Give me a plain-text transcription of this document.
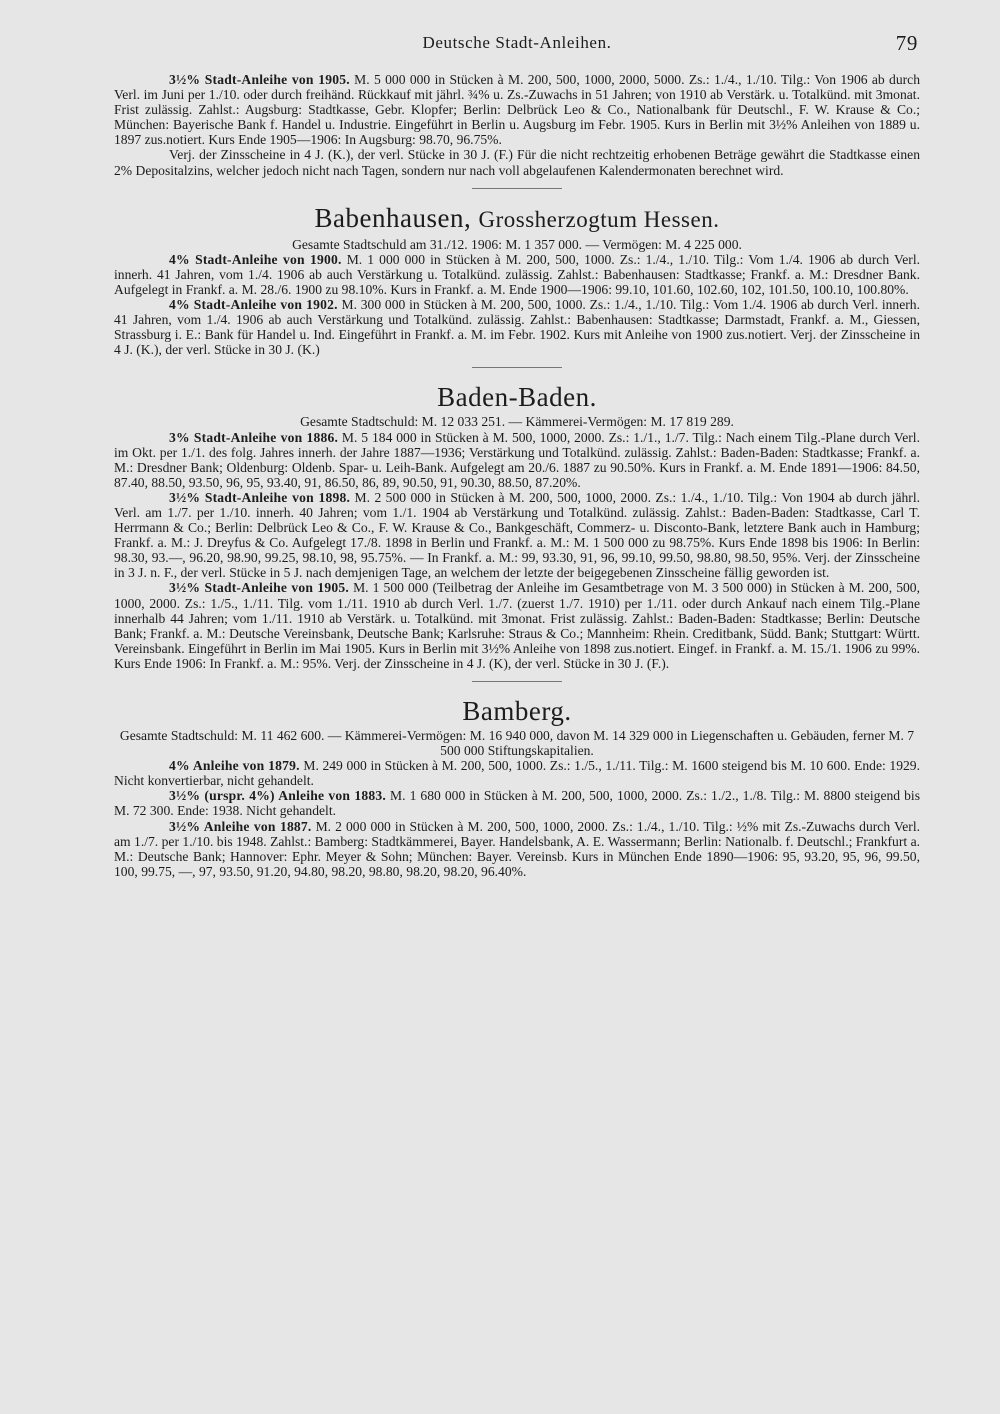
Deutsche Stadt-Anleihen.	79

3½% Stadt-Anleihe von 1905. M. 5 000 000 in Stücken à M. 200, 500, 1000, 2000, 5000. Zs.: 1./4., 1./10. Tilg.: Von 1906 ab durch Verl. im Juni per 1./10. oder durch freihänd. Rückkauf mit jährl. ¾% u. Zs.-Zuwachs in 51 Jahren; von 1910 ab Verstärk. u. Totalkünd. mit 3monat. Frist zulässig. Zahlst.: Augsburg: Stadtkasse, Gebr. Klopfer; Berlin: Delbrück Leo & Co., Nationalbank für Deutschl., F. W. Krause & Co.; München: Bayerische Bank f. Handel u. Industrie. Eingeführt in Berlin u. Augsburg im Febr. 1905. Kurs in Berlin mit 3½% Anleihen von 1889 u. 1897 zus.notiert. Kurs Ende 1905—1906: In Augsburg: 98.70, 96.75%.

Verj. der Zinsscheine in 4 J. (K.), der verl. Stücke in 30 J. (F.) Für die nicht rechtzeitig erhobenen Beträge gewährt die Stadtkasse einen 2% Depositalzins, welcher jedoch nicht nach Tagen, sondern nur nach voll abgelaufenen Kalendermonaten berechnet wird.

Babenhausen, Grossherzogtum Hessen.

Gesamte Stadtschuld am 31./12. 1906: M. 1 357 000. — Vermögen: M. 4 225 000.

4% Stadt-Anleihe von 1900. M. 1 000 000 in Stücken à M. 200, 500, 1000. Zs.: 1./4., 1./10. Tilg.: Vom 1./4. 1906 ab durch Verl. innerh. 41 Jahren, vom 1./4. 1906 ab auch Verstärkung u. Totalkünd. zulässig. Zahlst.: Babenhausen: Stadtkasse; Frankf. a. M.: Dresdner Bank. Aufgelegt in Frankf. a. M. 28./6. 1900 zu 98.10%. Kurs in Frankf. a. M. Ende 1900—1906: 99.10, 101.60, 102.60, 102, 101.50, 100.10, 100.80%.

4% Stadt-Anleihe von 1902. M. 300 000 in Stücken à M. 200, 500, 1000. Zs.: 1./4., 1./10. Tilg.: Vom 1./4. 1906 ab durch Verl. innerh. 41 Jahren, vom 1./4. 1906 ab auch Verstärkung und Totalkünd. zulässig. Zahlst.: Babenhausen: Stadtkasse; Darmstadt, Frankf. a. M., Giessen, Strassburg i. E.: Bank für Handel u. Ind. Eingeführt in Frankf. a. M. im Febr. 1902. Kurs mit Anleihe von 1900 zus.notiert. Verj. der Zinsscheine in 4 J. (K.), der verl. Stücke in 30 J. (K.)

Baden-Baden.

Gesamte Stadtschuld: M. 12 033 251. — Kämmerei-Vermögen: M. 17 819 289.

3% Stadt-Anleihe von 1886. M. 5 184 000 in Stücken à M. 500, 1000, 2000. Zs.: 1./1., 1./7. Tilg.: Nach einem Tilg.-Plane durch Verl. im Okt. per 1./1. des folg. Jahres innerh. der Jahre 1887—1936; Verstärkung und Totalkünd. zulässig. Zahlst.: Baden-Baden: Stadtkasse; Frankf. a. M.: Dresdner Bank; Oldenburg: Oldenb. Spar- u. Leih-Bank. Aufgelegt am 20./6. 1887 zu 90.50%. Kurs in Frankf. a. M. Ende 1891—1906: 84.50, 87.40, 88.50, 93.50, 96, 95, 93.40, 91, 86.50, 86, 89, 90.50, 91, 90.30, 88.50, 87.20%.

3½% Stadt-Anleihe von 1898. M. 2 500 000 in Stücken à M. 200, 500, 1000, 2000. Zs.: 1./4., 1./10. Tilg.: Von 1904 ab durch jährl. Verl. am 1./7. per 1./10. innerh. 40 Jahren; vom 1./1. 1904 ab Verstärkung und Totalkünd. zulässig. Zahlst.: Baden-Baden: Stadtkasse, Carl T. Herrmann & Co.; Berlin: Delbrück Leo & Co., F. W. Krause & Co., Bankgeschäft, Commerz- u. Disconto-Bank, letztere Bank auch in Hamburg; Frankf. a. M.: J. Dreyfus & Co. Aufgelegt 17./8. 1898 in Berlin und Frankf. a. M.: M. 1 500 000 zu 98.75%. Kurs Ende 1898 bis 1906: In Berlin: 98.30, 93.—, 96.20, 98.90, 99.25, 98.10, 98, 95.75%. — In Frankf. a. M.: 99, 93.30, 91, 96, 99.10, 99.50, 98.80, 98.50, 95%. Verj. der Zinsscheine in 3 J. n. F., der verl. Stücke in 5 J. nach demjenigen Tage, an welchem der letzte der beigegebenen Zinsscheine fällig geworden ist.

3½% Stadt-Anleihe von 1905. M. 1 500 000 (Teilbetrag der Anleihe im Gesamtbetrage von M. 3 500 000) in Stücken à M. 200, 500, 1000, 2000. Zs.: 1./5., 1./11. Tilg. vom 1./11. 1910 ab durch Verl. 1./7. (zuerst 1./7. 1910) per 1./11. oder durch Ankauf nach einem Tilg.-Plane innerhalb 44 Jahren; vom 1./11. 1910 ab Verstärk. u. Totalkünd. mit 3monat. Frist zulässig. Zahlst.: Baden-Baden: Stadtkasse; Berlin: Deutsche Bank; Frankf. a. M.: Deutsche Vereinsbank, Deutsche Bank; Karlsruhe: Straus & Co.; Mannheim: Rhein. Creditbank, Südd. Bank; Stuttgart: Württ. Vereinsbank. Eingeführt in Berlin im Mai 1905. Kurs in Berlin mit 3½% Anleihe von 1898 zus.notiert. Eingef. in Frankf. a. M. 15./1. 1906 zu 99%. Kurs Ende 1906: In Frankf. a. M.: 95%. Verj. der Zinsscheine in 4 J. (K), der verl. Stücke in 30 J. (F.).

Bamberg.

Gesamte Stadtschuld: M. 11 462 600. — Kämmerei-Vermögen: M. 16 940 000, davon M. 14 329 000 in Liegenschaften u. Gebäuden, ferner M. 7 500 000 Stiftungskapitalien.

4% Anleihe von 1879. M. 249 000 in Stücken à M. 200, 500, 1000. Zs.: 1./5., 1./11. Tilg.: M. 1600 steigend bis M. 10 600. Ende: 1929. Nicht konvertierbar, nicht gehandelt.

3½% (urspr. 4%) Anleihe von 1883. M. 1 680 000 in Stücken à M. 200, 500, 1000, 2000. Zs.: 1./2., 1./8. Tilg.: M. 8800 steigend bis M. 72 300. Ende: 1938. Nicht gehandelt.

3½% Anleihe von 1887. M. 2 000 000 in Stücken à M. 200, 500, 1000, 2000. Zs.: 1./4., 1./10. Tilg.: ½% mit Zs.-Zuwachs durch Verl. am 1./7. per 1./10. bis 1948. Zahlst.: Bamberg: Stadtkämmerei, Bayer. Handelsbank, A. E. Wassermann; Berlin: Nationalb. f. Deutschl.; Frankfurt a. M.: Deutsche Bank; Hannover: Ephr. Meyer & Sohn; München: Bayer. Vereinsb. Kurs in München Ende 1890—1906: 95, 93.20, 95, 96, 99.50, 100, 99.75, —, 97, 93.50, 91.20, 94.80, 98.20, 98.80, 98.20, 98.20, 96.40%.
